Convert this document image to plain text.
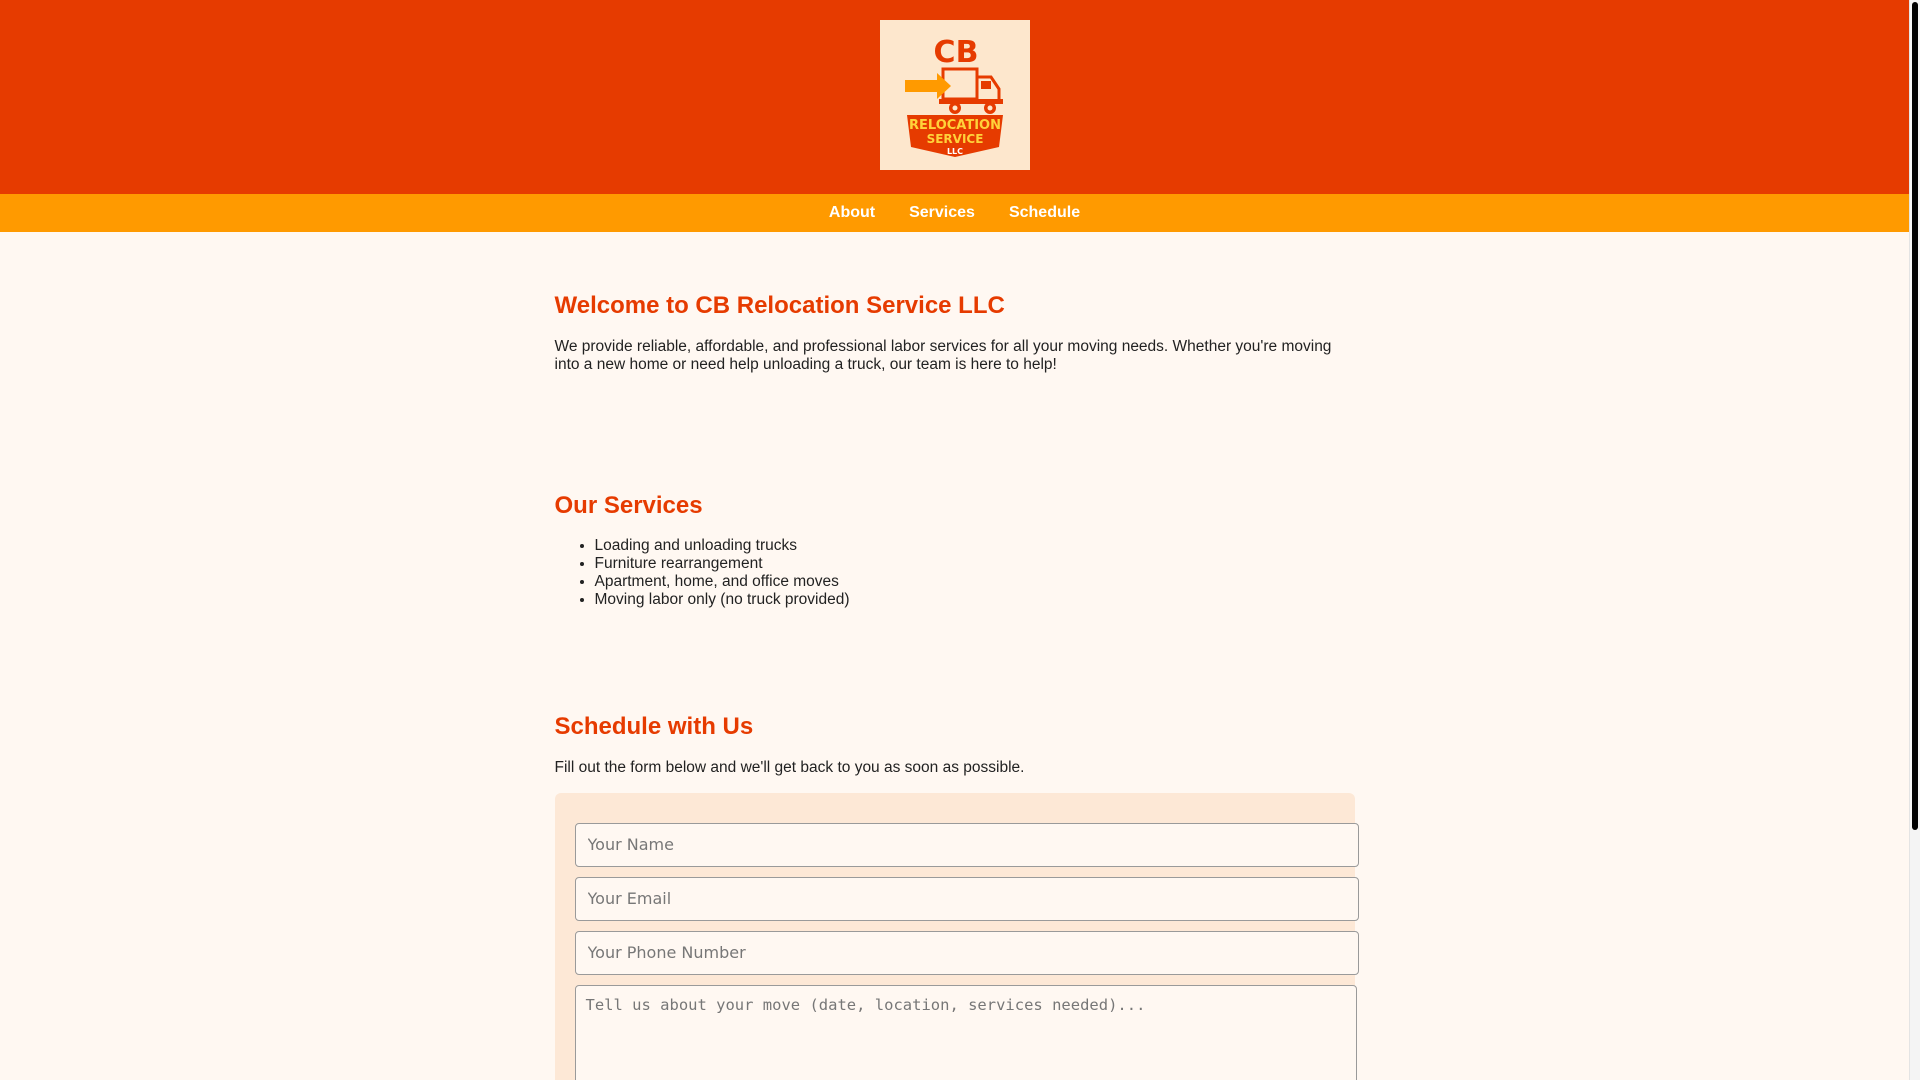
CB
RELOCATION
SERVICE
LLC
About Services Schedule
Welcome to CB Relocation Service LLC

We provide reliable, affordable, and professional labor services for all your moving needs. Whether you're moving into a new home or need help unloading a truck, our team is here to help!

Our Services
• Loading and unloading trucks
• Furniture rearrangement
• Apartment, home, and office moves
• Moving labor only (no truck provided)
Schedule with Us

Fill out the form below and we'll get back to you as soon as possible.

Your Name
Your Email
Your Phone Number
Tell us about your move (date, location, services needed)...
